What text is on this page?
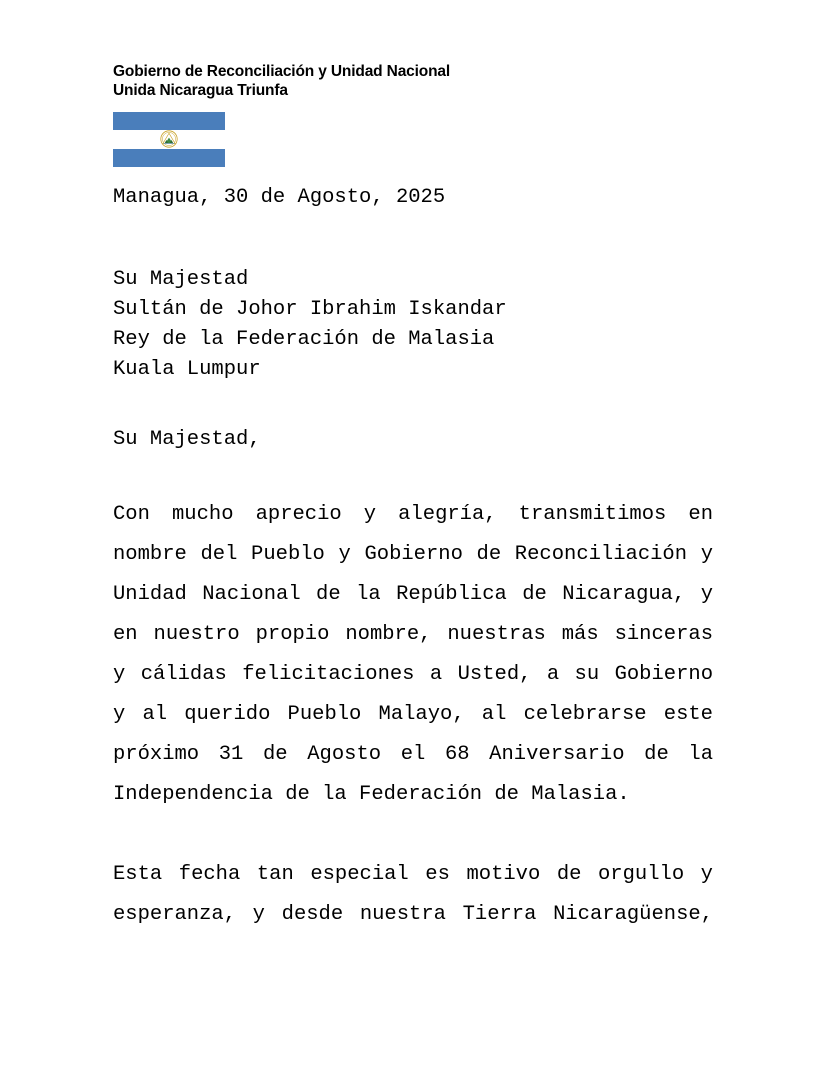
Gobierno de Reconciliación y Unidad Nacional
Unida Nicaragua Triunfa
Managua, 30 de Agosto, 2025
Su Majestad
Sultán de Johor Ibrahim Iskandar
Rey de la Federación de Malasia
Kuala Lumpur
Su Majestad,

Con mucho aprecio y alegría, transmitimos en nombre del Pueblo y Gobierno de Reconciliación y Unidad Nacional de la República de Nicaragua, y en nuestro propio nombre, nuestras más sinceras y cálidas felicitaciones a Usted, a su Gobierno y al querido Pueblo Malayo, al celebrarse este próximo 31 de Agosto el 68 Aniversario de la Independencia de la Federación de Malasia.

Esta fecha tan especial es motivo de orgullo y esperanza, y desde nuestra Tierra Nicaragüense,
